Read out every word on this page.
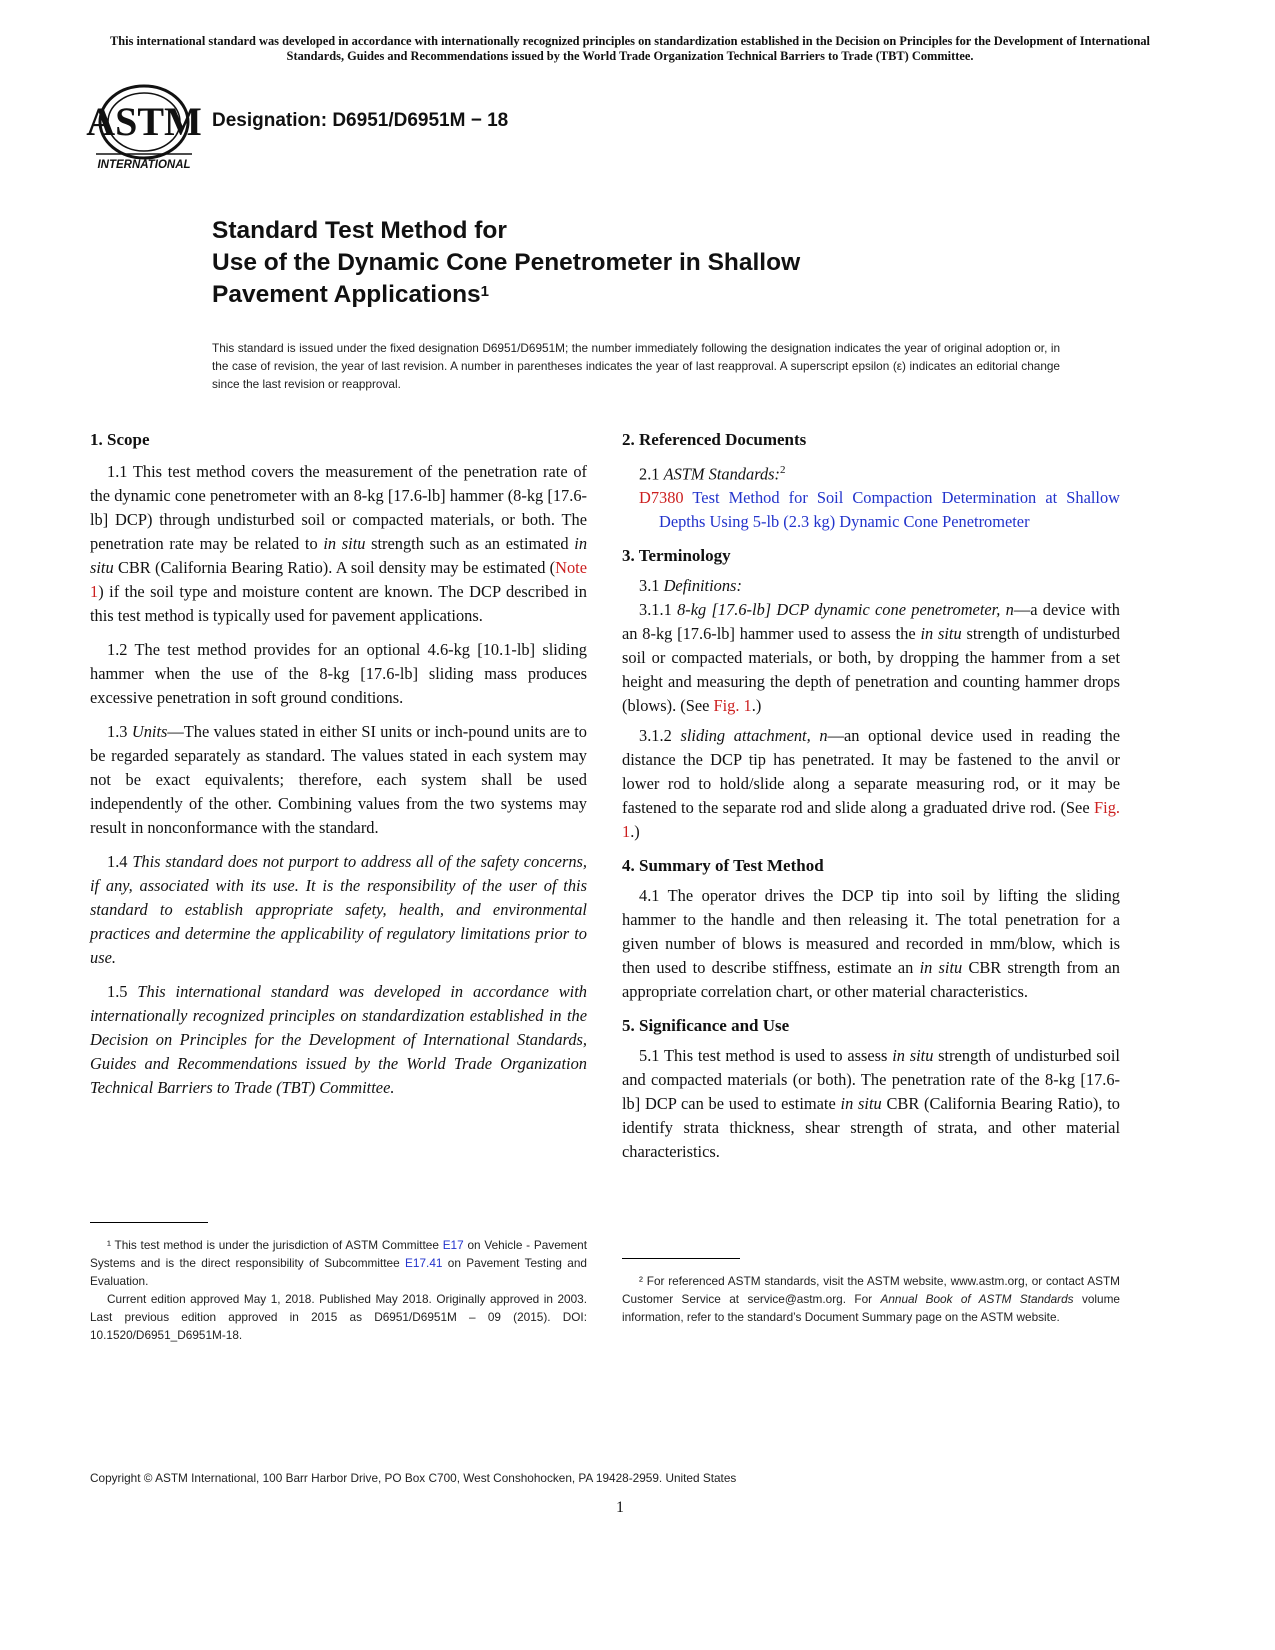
This international standard was developed in accordance with internationally recognized principles on standardization established in the Decision on Principles for the Development of International Standards, Guides and Recommendations issued by the World Trade Organization Technical Barriers to Trade (TBT) Committee.
ASTM
INTERNATIONAL
Designation: D6951/D6951M − 18
Standard Test Method for
Use of the Dynamic Cone Penetrometer in Shallow
Pavement Applications$^1$
This standard is issued under the fixed designation D6951/D6951M; the number immediately following the designation indicates the year of original adoption or, in the case of revision, the year of last revision. A number in parentheses indicates the year of last reapproval. A superscript epsilon (ε) indicates an editorial change since the last revision or reapproval.
1. Scope

1.1 This test method covers the measurement of the penetration rate of the dynamic cone penetrometer with an 8-kg [17.6-lb] hammer (8-kg [17.6-lb] DCP) through undisturbed soil or compacted materials, or both. The penetration rate may be related to in situ strength such as an estimated in situ CBR (California Bearing Ratio). A soil density may be estimated (Note 1) if the soil type and moisture content are known. The DCP described in this test method is typically used for pavement applications.

1.2 The test method provides for an optional 4.6-kg [10.1-lb] sliding hammer when the use of the 8-kg [17.6-lb] sliding mass produces excessive penetration in soft ground conditions.

1.3 Units—The values stated in either SI units or inch-pound units are to be regarded separately as standard. The values stated in each system may not be exact equivalents; therefore, each system shall be used independently of the other. Combining values from the two systems may result in nonconformance with the standard.

1.4 This standard does not purport to address all of the safety concerns, if any, associated with its use. It is the responsibility of the user of this standard to establish appropriate safety, health, and environmental practices and determine the applicability of regulatory limitations prior to use.

1.5 This international standard was developed in accordance with internationally recognized principles on standardization established in the Decision on Principles for the Development of International Standards, Guides and Recommendations issued by the World Trade Organization Technical Barriers to Trade (TBT) Committee.

¹ This test method is under the jurisdiction of ASTM Committee E17 on Vehicle - Pavement Systems and is the direct responsibility of Subcommittee E17.41 on Pavement Testing and Evaluation.

Current edition approved May 1, 2018. Published May 2018. Originally approved in 2003. Last previous edition approved in 2015 as D6951/D6951M – 09 (2015). DOI: 10.1520/D6951_D6951M-18.

2. Referenced Documents

2.1 ASTM Standards:$^2$

D7380 Test Method for Soil Compaction Determination at Shallow Depths Using 5-lb (2.3 kg) Dynamic Cone Penetrometer

3. Terminology

3.1 Definitions:

3.1.1 8-kg [17.6-lb] DCP dynamic cone penetrometer, n—a device with an 8-kg [17.6-lb] hammer used to assess the in situ strength of undisturbed soil or compacted materials, or both, by dropping the hammer from a set height and measuring the depth of penetration and counting hammer drops (blows). (See Fig. 1.)

3.1.2 sliding attachment, n—an optional device used in reading the distance the DCP tip has penetrated. It may be fastened to the anvil or lower rod to hold/slide along a separate measuring rod, or it may be fastened to the separate rod and slide along a graduated drive rod. (See Fig. 1.)

4. Summary of Test Method

4.1 The operator drives the DCP tip into soil by lifting the sliding hammer to the handle and then releasing it. The total penetration for a given number of blows is measured and recorded in mm/blow, which is then used to describe stiffness, estimate an in situ CBR strength from an appropriate correlation chart, or other material characteristics.

5. Significance and Use

5.1 This test method is used to assess in situ strength of undisturbed soil and compacted materials (or both). The penetration rate of the 8-kg [17.6-lb] DCP can be used to estimate in situ CBR (California Bearing Ratio), to identify strata thickness, shear strength of strata, and other material characteristics.

² For referenced ASTM standards, visit the ASTM website, www.astm.org, or contact ASTM Customer Service at service@astm.org. For Annual Book of ASTM Standards volume information, refer to the standard’s Document Summary page on the ASTM website.

Copyright © ASTM International, 100 Barr Harbor Drive, PO Box C700, West Conshohocken, PA 19428-2959. United States
1
